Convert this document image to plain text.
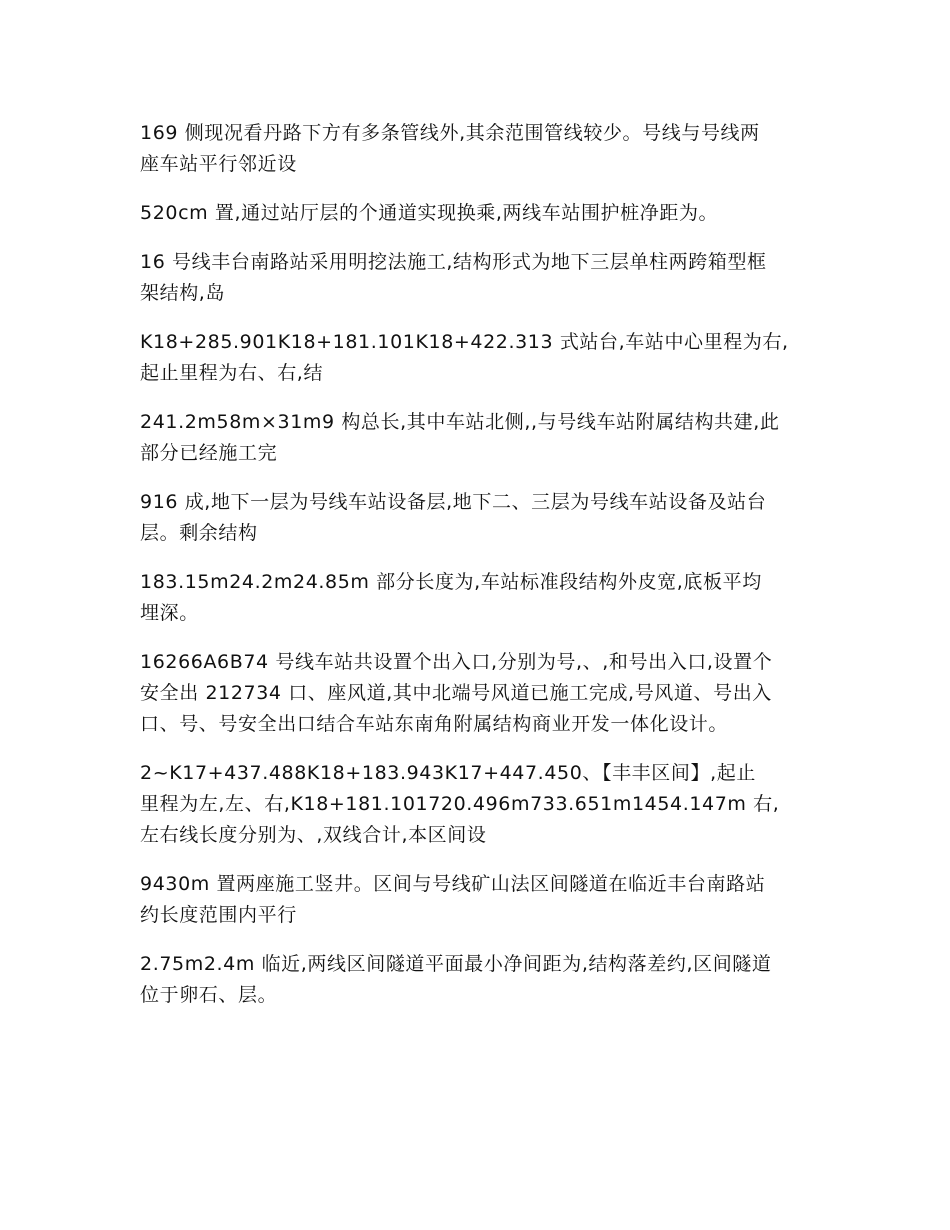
169 侧现况看丹路下方有多条管线外,其余范围管线较少。号线与号线两
座车站平行邻近设

520cm 置,通过站厅层的个通道实现换乘,两线车站围护桩净距为。

16 号线丰台南路站采用明挖法施工,结构形式为地下三层单柱两跨箱型框
架结构,岛

K18+285.901K18+181.101K18+422.313 式站台,车站中心里程为右,
起止里程为右、右,结

241.2m58m×31m9 构总长,其中车站北侧,,与号线车站附属结构共建,此
部分已经施工完

916 成,地下一层为号线车站设备层,地下二、三层为号线车站设备及站台
层。剩余结构

183.15m24.2m24.85m 部分长度为,车站标准段结构外皮宽,底板平均
埋深。

16266A6B74 号线车站共设置个出入口,分别为号,、,和号出入口,设置个
安全出 212734 口、座风道,其中北端号风道已施工完成,号风道、号出入
口、号、号安全出口结合车站东南角附属结构商业开发一体化设计。

2~K17+437.488K18+183.943K17+447.450、【丰丰区间】,起止
里程为左,左、右,K18+181.101720.496m733.651m1454.147m 右,
左右线长度分别为、,双线合计,本区间设

9430m 置两座施工竖井。区间与号线矿山法区间隧道在临近丰台南路站
约长度范围内平行

2.75m2.4m 临近,两线区间隧道平面最小净间距为,结构落差约,区间隧道
位于卵石、层。
